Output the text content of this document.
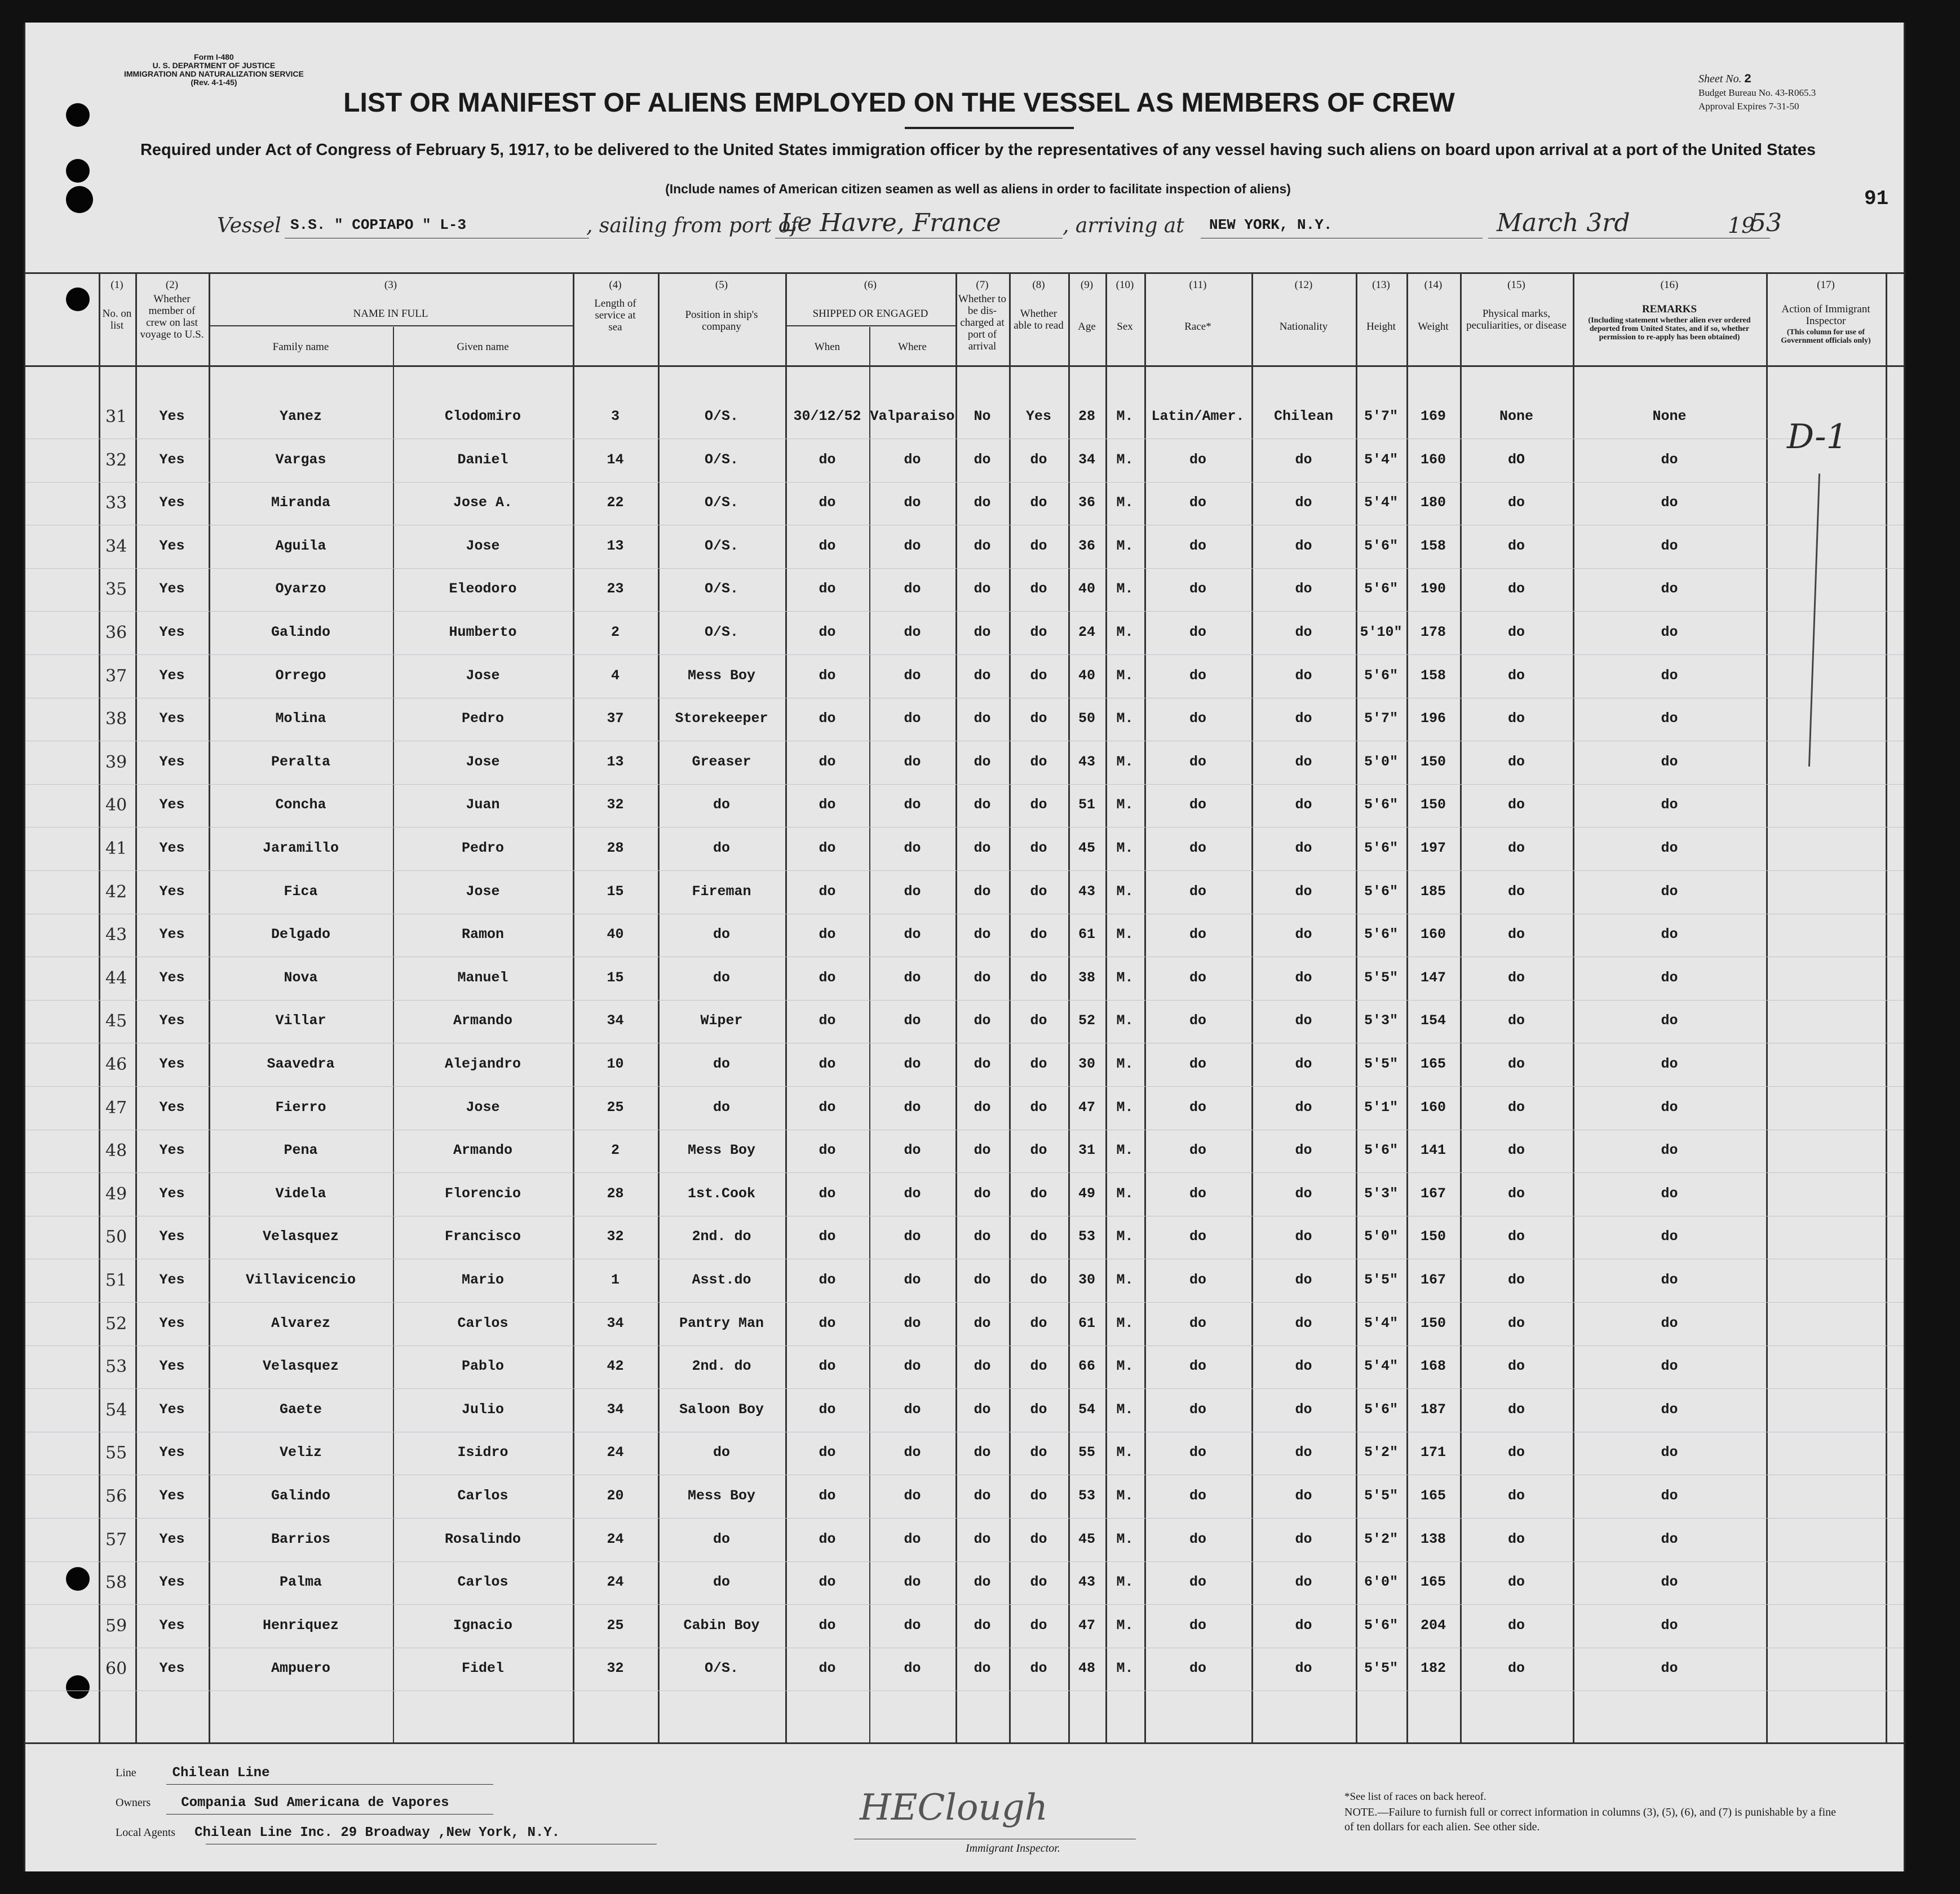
Form I-480
U. S. DEPARTMENT OF JUSTICE
IMMIGRATION AND NATURALIZATION SERVICE
(Rev. 4-1-45)	Sheet No. 2
Budget Bureau No. 43-R065.3
Approval Expires 7-31-50
91
LIST OR MANIFEST OF ALIENS EMPLOYED ON THE VESSEL AS MEMBERS OF CREW
Required under Act of Congress of February 5, 1917, to be delivered to the United States immigration officer by the representatives of any vessel having such aliens on board upon arrival at a port of the United States
(Include names of American citizen seamen as well as aliens in order to facilitate inspection of aliens)
Vessel S.S. " COPIAPO " L-3	, sailing from port of
Le Havre, France	, arriving at NEW YORK, N.Y.	March 3rd	19
53
(1)
No. on list
(2)
Whether member of crew on last voyage to U.S.
(3)
NAME IN FULL
Family name	Given name
(4)
Length of service at sea
(5)
Position in ship's company
(6)
SHIPPED OR ENGAGED
When	Where
(7)
Whether to be dis-charged at port of arrival
(8)
Whether able to read
(9)
Age
(10)
Sex
(11)
Race*
(12)
Nationality
(13)
Height
(14)
Weight
(15)
Physical marks, peculiarities, or disease
(16)
REMARKS
(Including statement whether alien ever ordered deported from United States, and if so, whether permission to re-apply has been obtained)
(17)
Action of Immigrant Inspector
(This column for use of Government officials only)
31	Yes	Yanez	Clodomiro	3	O/S.	30/12/52 Valparaiso	No	Yes	28	M.	Latin/Amer.	Chilean	5'7"	169	None	None
32	Yes	Vargas	Daniel	14	O/S.	do	do	do	do	34	M.	do	do	5'4"	160	dO	do
33	Yes	Miranda	Jose A.	22	O/S.	do	do	do	do	36	M.	do	do	5'4"	180	do	do
34	Yes	Aguila	Jose	13	O/S.	do	do	do	do	36	M.	do	do	5'6"	158	do	do
35	Yes	Oyarzo	Eleodoro	23	O/S.	do	do	do	do	40	M.	do	do	5'6"	190	do	do
36	Yes	Galindo	Humberto	2	O/S.	do	do	do	do	24	M.	do	do	5'10"	178	do	do
37	Yes	Orrego	Jose	4	Mess Boy	do	do	do	do	40	M.	do	do	5'6"	158	do	do
38	Yes	Molina	Pedro	37	Storekeeper	do	do	do	do	50	M.	do	do	5'7"	196	do	do
39	Yes	Peralta	Jose	13	Greaser	do	do	do	do	43	M.	do	do	5'0"	150	do	do
40	Yes	Concha	Juan	32	do	do	do	do	do	51	M.	do	do	5'6"	150	do	do
41	Yes	Jaramillo	Pedro	28	do	do	do	do	do	45	M.	do	do	5'6"	197	do	do
42	Yes	Fica	Jose	15	Fireman	do	do	do	do	43	M.	do	do	5'6"	185	do	do
43	Yes	Delgado	Ramon	40	do	do	do	do	do	61	M.	do	do	5'6"	160	do	do
44	Yes	Nova	Manuel	15	do	do	do	do	do	38	M.	do	do	5'5"	147	do	do
45	Yes	Villar	Armando	34	Wiper	do	do	do	do	52	M.	do	do	5'3"	154	do	do
46	Yes	Saavedra	Alejandro	10	do	do	do	do	do	30	M.	do	do	5'5"	165	do	do
47	Yes	Fierro	Jose	25	do	do	do	do	do	47	M.	do	do	5'1"	160	do	do
48	Yes	Pena	Armando	2	Mess Boy	do	do	do	do	31	M.	do	do	5'6"	141	do	do
49	Yes	Videla	Florencio	28	1st.Cook	do	do	do	do	49	M.	do	do	5'3"	167	do	do
50	Yes	Velasquez	Francisco	32	2nd. do	do	do	do	do	53	M.	do	do	5'0"	150	do	do
51	Yes	Villavicencio	Mario	1	Asst.do	do	do	do	do	30	M.	do	do	5'5"	167	do	do
52	Yes	Alvarez	Carlos	34	Pantry Man	do	do	do	do	61	M.	do	do	5'4"	150	do	do
53	Yes	Velasquez	Pablo	42	2nd. do	do	do	do	do	66	M.	do	do	5'4"	168	do	do
54	Yes	Gaete	Julio	34	Saloon Boy	do	do	do	do	54	M.	do	do	5'6"	187	do	do
55	Yes	Veliz	Isidro	24	do	do	do	do	do	55	M.	do	do	5'2"	171	do	do
56	Yes	Galindo	Carlos	20	Mess Boy	do	do	do	do	53	M.	do	do	5'5"	165	do	do
57	Yes	Barrios	Rosalindo	24	do	do	do	do	do	45	M.	do	do	5'2"	138	do	do
58	Yes	Palma	Carlos	24	do	do	do	do	do	43	M.	do	do	6'0"	165	do	do
59	Yes	Henriquez	Ignacio	25	Cabin Boy	do	do	do	do	47	M.	do	do	5'6"	204	do	do
60	Yes	Ampuero	Fidel	32	O/S.	do	do	do	do	48	M.	do	do	5'5"	182	do	do
D-1
Line	Chilean Line
Owners Compania Sud Americana de Vapores
Local Agents Chilean Line Inc. 29 Broadway ,New York, N.Y.
HEClough
Immigrant Inspector.
*See list of races on back hereof.
NOTE.—Failure to furnish full or correct information in columns (3), (5), (6), and (7) is punishable by a fine of ten dollars for each alien. See other side.
